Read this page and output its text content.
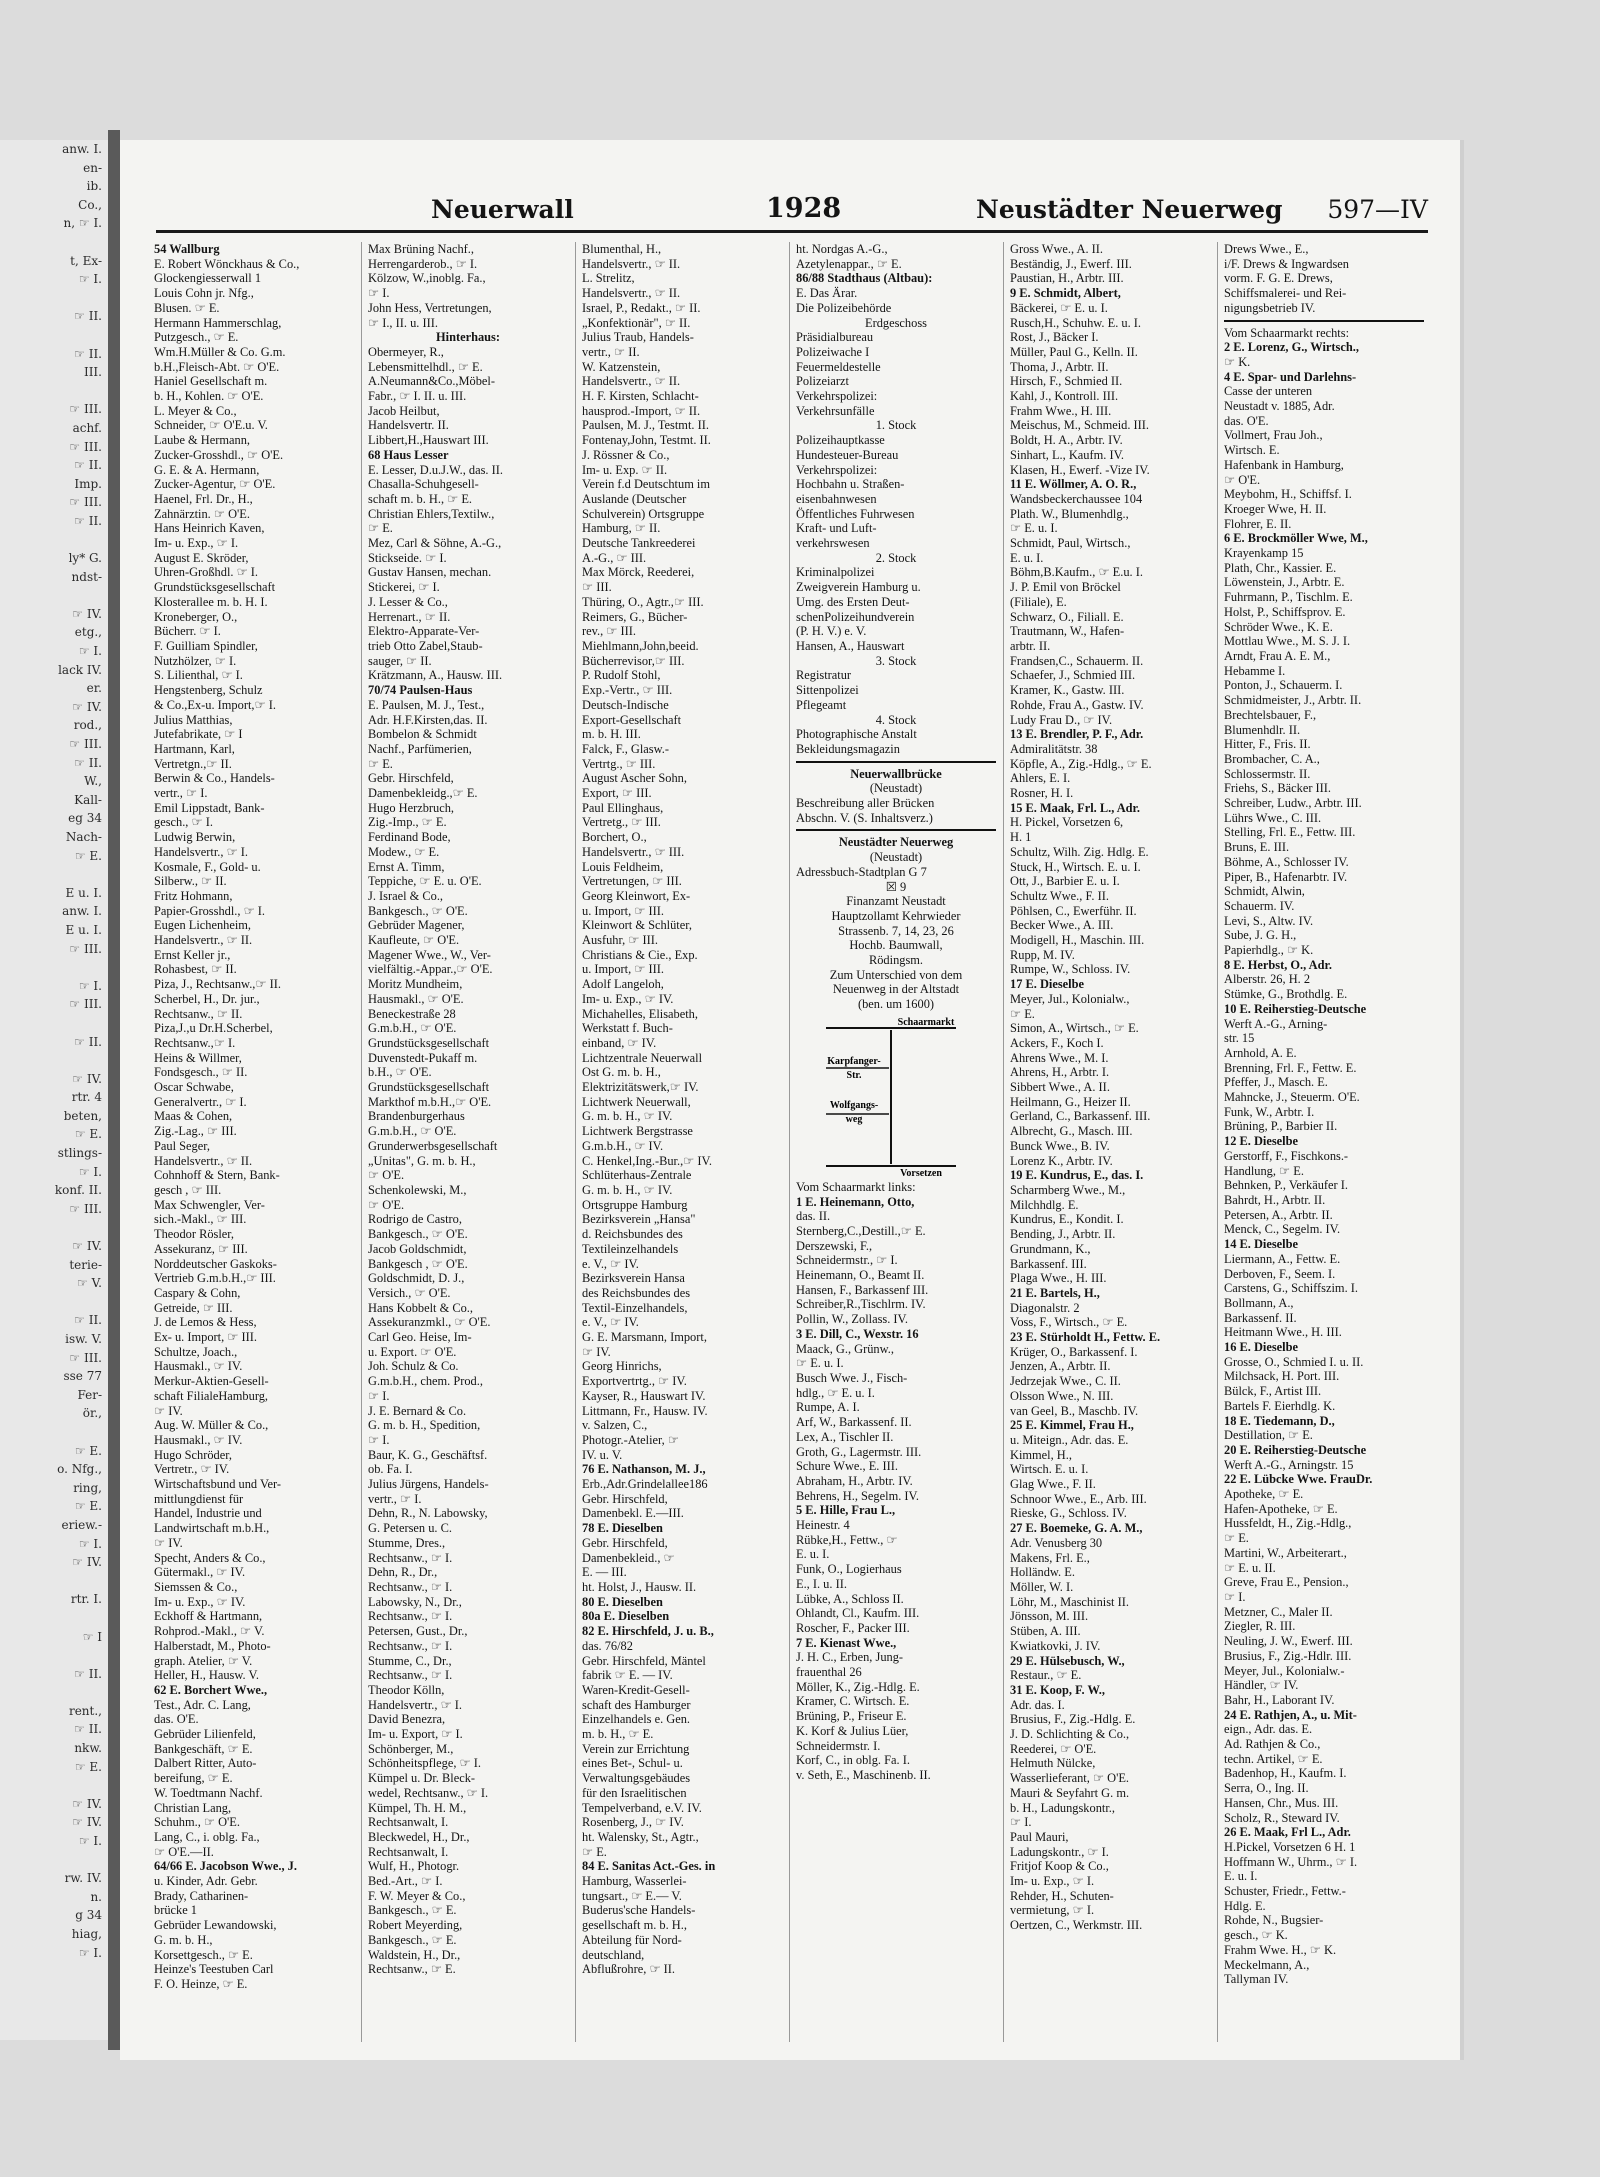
anw. I.
en-
ib.
Co.,
n, ☞ I.

t, Ex-
☞ I.

☞ II.

☞ II.
III.

☞ III.
achf.
☞ III.
☞ II.
Imp.
☞ III.
☞ II.

ly* G.
ndst-

☞ IV.
etg.,
☞ I.
lack IV.
er.
☞ IV.
rod.,
☞ III.
☞ II.
W.,
Kall-
eg 34
Nach-
☞ E.

E u. I.
anw. I.
E u. I.
☞ III.

☞ I.
☞ III.

☞ II.

☞ IV.
rtr. 4
beten,
☞ E.
stlings-
☞ I.
konf. II.
☞ III.

☞ IV.
terie-
☞ V.

☞ II.
isw. V.
☞ III.
sse 77
Fer-
ör.,

☞ E.
o. Nfg.,
ring,
☞ E.
eriew.-
☞ I.
☞ IV.

rtr. I.

☞ I

☞ II.

rent.,
☞ II.
nkw.
☞ E.

☞ IV.
☞ IV.
☞ I.

rw. IV.
n.
g 34
hiag,
☞ I.
Neuerwall	1928	Neustädter Neuerweg 597—IV
54 Wallburg
E. Robert Wönckhaus & Co.,
Glockengiesserwall 1
Louis Cohn jr. Nfg.,
Blusen. ☞ E.
Hermann Hammerschlag,
Putzgesch., ☞ E.
Wm.H.Müller & Co. G.m.
b.H.,Fleisch-Abt. ☞ O'E.
Haniel Gesellschaft m.
b. H., Kohlen. ☞ O'E.
L. Meyer & Co.,
Schneider, ☞ O'E.u. V.
Laube & Hermann,
Zucker-Grosshdl., ☞ O'E.
G. E. & A. Hermann,
Zucker-Agentur, ☞ O'E.
Haenel, Frl. Dr., H.,
Zahnärztin. ☞ O'E.
Hans Heinrich Kaven,
Im- u. Exp., ☞ I.
August E. Skröder,
Uhren-Großhdl. ☞ I.
Grundstücksgesellschaft
Klosterallee m. b. H. I.
Kroneberger, O.,
Bücherr. ☞ I.
F. Guilliam Spindler,
Nutzhölzer, ☞ I.
S. Lilienthal, ☞ I.
Hengstenberg, Schulz
& Co.,Ex-u. Import,☞ I.
Julius Matthias,
Jutefabrikate, ☞ I
Hartmann, Karl,
Vertretgn.,☞ II.
Berwin & Co., Handels-
vertr., ☞ I.
Emil Lippstadt, Bank-
gesch., ☞ I.
Ludwig Berwin,
Handelsvertr., ☞ I.
Kosmale, F., Gold- u.
Silberw., ☞ II.
Fritz Hohmann,
Papier-Grosshdl., ☞ I.
Eugen Lichenheim,
Handelsvertr., ☞ II.
Ernst Keller jr.,
Rohasbest, ☞ II.
Piza, J., Rechtsanw.,☞ II.
Scherbel, H., Dr. jur.,
Rechtsanw., ☞ II.
Piza,J.,u Dr.H.Scherbel,
Rechtsanw.,☞ I.
Heins & Willmer,
Fondsgesch., ☞ II.
Oscar Schwabe,
Generalvertr., ☞ I.
Maas & Cohen,
Zig.-Lag., ☞ III.
Paul Seger,
Handelsvertr., ☞ II.
Cohnhoff & Stern, Bank-
gesch , ☞ III.
Max Schwengler, Ver-
sich.-Makl., ☞ III.
Theodor Rösler,
Assekuranz, ☞ III.
Norddeutscher Gaskoks-
Vertrieb G.m.b.H.,☞ III.
Caspary & Cohn,
Getreide, ☞ III.
J. de Lemos & Hess,
Ex- u. Import, ☞ III.
Schultze, Joach.,
Hausmakl., ☞ IV.
Merkur-Aktien-Gesell-
schaft FilialeHamburg,
☞ IV.
Aug. W. Müller & Co.,
Hausmakl., ☞ IV.
Hugo Schröder,
Vertretr., ☞ IV.
Wirtschaftsbund und Ver-
mittlungdienst für
Handel, Industrie und
Landwirtschaft m.b.H.,
☞ IV.
Specht, Anders & Co.,
Gütermakl., ☞ IV.
Siemssen & Co.,
Im- u. Exp., ☞ IV.
Eckhoff & Hartmann,
Rohprod.-Makl., ☞ V.
Halberstadt, M., Photo-
graph. Atelier, ☞ V.
Heller, H., Hausw. V.
62 E. Borchert Wwe.,
Test., Adr. C. Lang,
das. O'E.
Gebrüder Lilienfeld,
Bankgeschäft, ☞ E.
Dalbert Ritter, Auto-
bereifung, ☞ E.
W. Toedtmann Nachf.
Christian Lang,
Schuhm., ☞ O'E.
Lang, C., i. oblg. Fa.,
☞ O'E.—II.
64/66 E. Jacobson Wwe., J.
u. Kinder, Adr. Gebr.
Brady, Catharinen-
brücke 1
Gebrüder Lewandowski,
G. m. b. H.,
Korsettgesch., ☞ E.
Heinze's Teestuben Carl
F. O. Heinze, ☞ E.
Max Brüning Nachf.,
Herrengarderob., ☞ I.
Kölzow, W.,inoblg. Fa.,
☞ I.
John Hess, Vertretungen,
☞ I., II. u. III.
Hinterhaus:
Obermeyer, R.,
Lebensmittelhdl., ☞ E.
A.Neumann&Co.,Möbel-
Fabr., ☞ I. II. u. III.
Jacob Heilbut,
Handelsvertr. II.
Libbert,H.,Hauswart III.
68 Haus Lesser
E. Lesser, D.u.J.W., das. II.
Chasalla-Schuhgesell-
schaft m. b. H., ☞ E.
Christian Ehlers,Textilw.,
☞ E.
Mez, Carl & Söhne, A.-G.,
Stickseide. ☞ I.
Gustav Hansen, mechan.
Stickerei, ☞ I.
J. Lesser & Co.,
Herrenart., ☞ II.
Elektro-Apparate-Ver-
trieb Otto Zabel,Staub-
sauger, ☞ II.
Krätzmann, A., Hausw. III.
70/74 Paulsen-Haus
E. Paulsen, M. J., Test.,
Adr. H.F.Kirsten,das. II.
Bombelon & Schmidt
Nachf., Parfümerien,
☞ E.
Gebr. Hirschfeld,
Damenbekleidg.,☞ E.
Hugo Herzbruch,
Zig.-Imp., ☞ E.
Ferdinand Bode,
Modew., ☞ E.
Ernst A. Timm,
Teppiche, ☞ E. u. O'E.
J. Israel & Co.,
Bankgesch., ☞ O'E.
Gebrüder Magener,
Kaufleute, ☞ O'E.
Magener Wwe., W., Ver-
vielfältig.-Appar.,☞ O'E.
Moritz Mundheim,
Hausmakl., ☞ O'E.
Beneckestraße 28
G.m.b.H., ☞ O'E.
Grundstücksgesellschaft
Duvenstedt-Pukaff m.
b.H., ☞ O'E.
Grundstücksgesellschaft
Markthof m.b.H.,☞ O'E.
Brandenburgerhaus
G.m.b.H., ☞ O'E.
Grunderwerbsgesellschaft
„Unitas", G. m. b. H.,
☞ O'E.
Schenkolewski, M.,
☞ O'E.
Rodrigo de Castro,
Bankgesch., ☞ O'E.
Jacob Goldschmidt,
Bankgesch , ☞ O'E.
Goldschmidt, D. J.,
Versich., ☞ O'E.
Hans Kobbelt & Co.,
Assekuranzmkl., ☞ O'E.
Carl Geo. Heise, Im-
u. Export. ☞ O'E.
Joh. Schulz & Co.
G.m.b.H., chem. Prod.,
☞ I.
J. E. Bernard & Co.
G. m. b. H., Spedition,
☞ I.
Baur, K. G., Geschäftsf.
ob. Fa. I.
Julius Jürgens, Handels-
vertr., ☞ I.
Dehn, R., N. Labowsky,
G. Petersen u. C.
Stumme, Dres.,
Rechtsanw., ☞ I.
Dehn, R., Dr.,
Rechtsanw., ☞ I.
Labowsky, N., Dr.,
Rechtsanw., ☞ I.
Petersen, Gust., Dr.,
Rechtsanw., ☞ I.
Stumme, C., Dr.,
Rechtsanw., ☞ I.
Theodor Kölln,
Handelsvertr., ☞ I.
David Benezra,
Im- u. Export, ☞ I.
Schönberger, M.,
Schönheitspflege, ☞ I.
Kümpel u. Dr. Bleck-
wedel, Rechtsanw., ☞ I.
Kümpel, Th. H. M.,
Rechtsanwalt, I.
Bleckwedel, H., Dr.,
Rechtsanwalt, I.
Wulf, H., Photogr.
Bed.-Art., ☞ I.
F. W. Meyer & Co.,
Bankgesch., ☞ E.
Robert Meyerding,
Bankgesch., ☞ E.
Waldstein, H., Dr.,
Rechtsanw., ☞ E.
Blumenthal, H.,
Handelsvertr., ☞ II.
L. Strelitz,
Handelsvertr., ☞ II.
Israel, P., Redakt., ☞ II.
„Konfektionär", ☞ II.
Julius Traub, Handels-
vertr., ☞ II.
W. Katzenstein,
Handelsvertr., ☞ II.
H. F. Kirsten, Schlacht-
hausprod.-Import, ☞ II.
Paulsen, M. J., Testmt. II.
Fontenay,John, Testmt. II.
J. Rössner & Co.,
Im- u. Exp. ☞ II.
Verein f.d Deutschtum im
Auslande (Deutscher
Schulverein) Ortsgruppe
Hamburg, ☞ II.
Deutsche Tankreederei
A.-G., ☞ III.
Max Mörck, Reederei,
☞ III.
Thüring, O., Agtr.,☞ III.
Reimers, G., Bücher-
rev., ☞ III.
Miehlmann,John,beeid.
Bücherrevisor,☞ III.
P. Rudolf Stohl,
Exp.-Vertr., ☞ III.
Deutsch-Indische
Export-Gesellschaft
m. b. H. III.
Falck, F., Glasw.-
Vertrtg., ☞ III.
August Ascher Sohn,
Export, ☞ III.
Paul Ellinghaus,
Vertretg., ☞ III.
Borchert, O.,
Handelsvertr., ☞ III.
Louis Feldheim,
Vertretungen, ☞ III.
Georg Kleinwort, Ex-
u. Import, ☞ III.
Kleinwort & Schlüter,
Ausfuhr, ☞ III.
Christians & Cie., Exp.
u. Import, ☞ III.
Adolf Langeloh,
Im- u. Exp., ☞ IV.
Michahelles, Elisabeth,
Werkstatt f. Buch-
einband, ☞ IV.
Lichtzentrale Neuerwall
Ost G. m. b. H.,
Elektrizitätswerk,☞ IV.
Lichtwerk Neuerwall,
G. m. b. H., ☞ IV.
Lichtwerk Bergstrasse
G.m.b.H., ☞ IV.
C. Henkel,Ing.-Bur.,☞ IV.
Schlüterhaus-Zentrale
G. m. b. H., ☞ IV.
Ortsgruppe Hamburg
Bezirksverein „Hansa"
d. Reichsbundes des
Textileinzelhandels
e. V., ☞ IV.
Bezirksverein Hansa
des Reichsbundes des
Textil-Einzelhandels,
e. V., ☞ IV.
G. E. Marsmann, Import,
☞ IV.
Georg Hinrichs,
Exportvertrtg., ☞ IV.
Kayser, R., Hauswart IV.
Littmann, Fr., Hausw. IV.
v. Salzen, C.,
Photogr.-Atelier, ☞
IV. u. V.
76 E. Nathanson, M. J.,
Erb.,Adr.Grindelallee186
Gebr. Hirschfeld,
Damenbekl. E.—III.
78 E. Dieselben
Gebr. Hirschfeld,
Damenbekleid., ☞
E. — III.
ht. Holst, J., Hausw. II.
80 E. Dieselben
80a E. Dieselben
82 E. Hirschfeld, J. u. B.,
das. 76/82
Gebr. Hirschfeld, Mäntel
fabrik ☞ E. — IV.
Waren-Kredit-Gesell-
schaft des Hamburger
Einzelhandels e. Gen.
m. b. H., ☞ E.
Verein zur Errichtung
eines Bet-, Schul- u.
Verwaltungsgebäudes
für den Israelitischen
Tempelverband, e.V. IV.
Rosenberg, J., ☞ IV.
ht. Walensky, St., Agtr.,
☞ E.
84 E. Sanitas Act.-Ges. in
Hamburg, Wasserlei-
tungsart., ☞ E.— V.
Buderus'sche Handels-
gesellschaft m. b. H.,
Abteilung für Nord-
deutschland,
Abflußrohre, ☞ II.
ht. Nordgas A.-G.,
Azetylenappar., ☞ E.
86/88 Stadthaus (Altbau):
E. Das Ärar.
Die Polizeibehörde
Erdgeschoss
Präsidialbureau
Polizeiwache I
Feuermeldestelle
Polizeiarzt
Verkehrspolizei:
Verkehrsunfälle
1. Stock
Polizeihauptkasse
Hundesteuer-Bureau
Verkehrspolizei:
Hochbahn u. Straßen-
eisenbahnwesen
Öffentliches Fuhrwesen
Kraft- und Luft-
verkehrswesen
2. Stock
Kriminalpolizei
Zweigverein Hamburg u.
Umg. des Ersten Deut-
schenPolizeihundverein
(P. H. V.) e. V.
Hansen, A., Hauswart
3. Stock
Registratur
Sittenpolizei
Pflegeamt
4. Stock
Photographische Anstalt
Bekleidungsmagazin
Neuerwallbrücke
(Neustadt)
Beschreibung aller Brücken
Abschn. V. (S. Inhaltsverz.)
Neustädter Neuerweg
(Neustadt)
Adressbuch-Stadtplan G 7
☒ 9
Finanzamt Neustadt
Hauptzollamt Kehrwieder
Strassenb. 7, 14, 23, 26
Hochb. Baumwall,
Rödingsm.
Zum Unterschied von dem
Neuenweg in der Altstadt
(ben. um 1600)
Schaarmarkt
Vorsetzen
Karpfanger-Str.
Wolfgangs-weg
Vom Schaarmarkt links:
1 E. Heinemann, Otto,
das. II.
Sternberg,C.,Destill.,☞ E.
Derszewski, F.,
Schneidermstr., ☞ I.
Heinemann, O., Beamt II.
Hansen, F., Barkassenf III.
Schreiber,R.,Tischlrm. IV.
Pollin, W., Zollass. IV.
3 E. Dill, C., Wexstr. 16
Maack, G., Grünw.,
☞ E. u. I.
Busch Wwe. J., Fisch-
hdlg., ☞ E. u. I.
Rumpe, A. I.
Arf, W., Barkassenf. II.
Lex, A., Tischler II.
Groth, G., Lagermstr. III.
Schure Wwe., E. III.
Abraham, H., Arbtr. IV.
Behrens, H., Segelm. IV.
5 E. Hille, Frau L.,
Heinestr. 4
Rübke,H., Fettw., ☞
E. u. I.
Funk, O., Logierhaus
E., I. u. II.
Lübke, A., Schloss II.
Ohlandt, Cl., Kaufm. III.
Roscher, F., Packer III.
7 E. Kienast Wwe.,
J. H. C., Erben, Jung-
frauenthal 26
Möller, K., Zig.-Hdlg. E.
Kramer, C. Wirtsch. E.
Brüning, P., Friseur E.
K. Korf & Julius Lüer,
Schneidermstr. I.
Korf, C., in oblg. Fa. I.
v. Seth, E., Maschinenb. II.
Gross Wwe., A. II.
Beständig, J., Ewerf. III.
Paustian, H., Arbtr. III.
9 E. Schmidt, Albert,
Bäckerei, ☞ E. u. I.
Rusch,H., Schuhw. E. u. I.
Rost, J., Bäcker I.
Müller, Paul G., Kelln. II.
Thoma, J., Arbtr. II.
Hirsch, F., Schmied II.
Kahl, J., Kontroll. III.
Frahm Wwe., H. III.
Meischus, M., Schmeid. III.
Boldt, H. A., Arbtr. IV.
Sinhart, L., Kaufm. IV.
Klasen, H., Ewerf. -Vize IV.
11 E. Wöllmer, A. O. R.,
Wandsbeckerchaussee 104
Plath. W., Blumenhdlg.,
☞ E. u. I.
Schmidt, Paul, Wirtsch.,
E. u. I.
Böhm,B.Kaufm., ☞ E.u. I.
J. P. Emil von Bröckel
(Filiale), E.
Schwarz, O., Filiall. E.
Trautmann, W., Hafen-
arbtr. II.
Frandsen,C., Schauerm. II.
Schaefer, J., Schmied III.
Kramer, K., Gastw. III.
Rohde, Frau A., Gastw. IV.
Ludy Frau D., ☞ IV.
13 E. Brendler, P. F., Adr.
Admiralitätstr. 38
Köpfle, A., Zig.-Hdlg., ☞ E.
Ahlers, E. I.
Rosner, H. I.
15 E. Maak, Frl. L., Adr.
H. Pickel, Vorsetzen 6,
H. 1
Schultz, Wilh. Zig. Hdlg. E.
Stuck, H., Wirtsch. E. u. I.
Ott, J., Barbier E. u. I.
Schultz Wwe., F. II.
Pöhlsen, C., Ewerführ. II.
Becker Wwe., A. III.
Modigell, H., Maschin. III.
Rupp, M. IV.
Rumpe, W., Schloss. IV.
17 E. Dieselbe
Meyer, Jul., Kolonialw.,
☞ E.
Simon, A., Wirtsch., ☞ E.
Ackers, F., Koch I.
Ahrens Wwe., M. I.
Ahrens, H., Arbtr. I.
Sibbert Wwe., A. II.
Heilmann, G., Heizer II.
Gerland, C., Barkassenf. III.
Albrecht, G., Masch. III.
Bunck Wwe., B. IV.
Lorenz K., Arbtr. IV.
19 E. Kundrus, E., das. I.
Scharmberg Wwe., M.,
Milchhdlg. E.
Kundrus, E., Kondit. I.
Bending, J., Arbtr. II.
Grundmann, K.,
Barkassenf. III.
Plaga Wwe., H. III.
21 E. Bartels, H.,
Diagonalstr. 2
Voss, F., Wirtsch., ☞ E.
23 E. Stürholdt H., Fettw. E.
Krüger, O., Barkassenf. I.
Jenzen, A., Arbtr. II.
Jedrzejak Wwe., C. II.
Olsson Wwe., N. III.
van Geel, B., Maschb. IV.
25 E. Kimmel, Frau H.,
u. Miteign., Adr. das. E.
Kimmel, H.,
Wirtsch. E. u. I.
Glag Wwe., F. II.
Schnoor Wwe., E., Arb. III.
Rieske, G., Schloss. IV.
27 E. Boemeke, G. A. M.,
Adr. Venusberg 30
Makens, Frl. E.,
Holländw. E.
Möller, W. I.
Löhr, M., Maschinist II.
Jönsson, M. III.
Stüben, A. III.
Kwiatkovki, J. IV.
29 E. Hülsebusch, W.,
Restaur., ☞ E.
31 E. Koop, F. W.,
Adr. das. I.
Brusius, F., Zig.-Hdlg. E.
J. D. Schlichting & Co.,
Reederei, ☞ O'E.
Helmuth Nülcke,
Wasserlieferant, ☞ O'E.
Mauri & Seyfahrt G. m.
b. H., Ladungskontr.,
☞ I.
Paul Mauri,
Ladungskontr., ☞ I.
Fritjof Koop & Co.,
Im- u. Exp., ☞ I.
Rehder, H., Schuten-
vermietung, ☞ I.
Oertzen, C., Werkmstr. III.
Drews Wwe., E.,
i/F. Drews & Ingwardsen
vorm. F. G. E. Drews,
Schiffsmalerei- und Rei-
nigungsbetrieb IV.
Vom Schaarmarkt rechts:
2 E. Lorenz, G., Wirtsch.,
☞ K.
4 E. Spar- und Darlehns-
Casse der unteren
Neustadt v. 1885, Adr.
das. O'E.
Vollmert, Frau Joh.,
Wirtsch. E.
Hafenbank in Hamburg,
☞ O'E.
Meybohm, H., Schiffsf. I.
Kroeger Wwe, H. II.
Flohrer, E. II.
6 E. Brockmöller Wwe, M.,
Krayenkamp 15
Plath, Chr., Kassier. E.
Löwenstein, J., Arbtr. E.
Fuhrmann, P., Tischlm. E.
Holst, P., Schiffsprov. E.
Schröder Wwe., K. E.
Mottlau Wwe., M. S. J. I.
Arndt, Frau A. E. M.,
Hebamme I.
Ponton, J., Schauerm. I.
Schmidmeister, J., Arbtr. II.
Brechtelsbauer, F.,
Blumenhdlr. II.
Hitter, F., Fris. II.
Brombacher, C. A.,
Schlossermstr. II.
Friehs, S., Bäcker III.
Schreiber, Ludw., Arbtr. III.
Lührs Wwe., C. III.
Stelling, Frl. E., Fettw. III.
Bruns, E. III.
Böhme, A., Schlosser IV.
Piper, B., Hafenarbtr. IV.
Schmidt, Alwin,
Schauerm. IV.
Levi, S., Altw. IV.
Sube, J. G. H.,
Papierhdlg., ☞ K.
8 E. Herbst, O., Adr.
Alberstr. 26, H. 2
Stümke, G., Brothdlg. E.
10 E. Reiherstieg-Deutsche
Werft A.-G., Arning-
str. 15
Arnhold, A. E.
Brenning, Frl. F., Fettw. E.
Pfeffer, J., Masch. E.
Mahncke, J., Steuerm. O'E.
Funk, W., Arbtr. I.
Brüning, P., Barbier II.
12 E. Dieselbe
Gerstorff, F., Fischkons.-
Handlung, ☞ E.
Behnken, P., Verkäufer I.
Bahrdt, H., Arbtr. II.
Petersen, A., Arbtr. II.
Menck, C., Segelm. IV.
14 E. Dieselbe
Liermann, A., Fettw. E.
Derboven, F., Seem. I.
Carstens, G., Schiffszim. I.
Bollmann, A.,
Barkassenf. II.
Heitmann Wwe., H. III.
16 E. Dieselbe
Grosse, O., Schmied I. u. II.
Milchsack, H. Port. III.
Bülck, F., Artist III.
Bartels F. Eierhdlg. K.
18 E. Tiedemann, D.,
Destillation, ☞ E.
20 E. Reiherstieg-Deutsche
Werft A.-G., Arningstr. 15
22 E. Lübcke Wwe. FrauDr.
Apotheke, ☞ E.
Hafen-Apotheke, ☞ E.
Hussfeldt, H., Zig.-Hdlg.,
☞ E.
Martini, W., Arbeiterart.,
☞ E. u. II.
Greve, Frau E., Pension.,
☞ I.
Metzner, C., Maler II.
Ziegler, R. III.
Neuling, J. W., Ewerf. III.
Brusius, F., Zig.-Hdlr. III.
Meyer, Jul., Kolonialw.-
Händler, ☞ IV.
Bahr, H., Laborant IV.
24 E. Rathjen, A., u. Mit-
eign., Adr. das. E.
Ad. Rathjen & Co.,
techn. Artikel, ☞ E.
Badenhop, H., Kaufm. I.
Serra, O., Ing. II.
Hansen, Chr., Mus. III.
Scholz, R., Steward IV.
26 E. Maak, Frl L., Adr.
H.Pickel, Vorsetzen 6 H. 1
Hoffmann W., Uhrm., ☞ I.
E. u. I.
Schuster, Friedr., Fettw.-
Hdlg. E.
Rohde, N., Bugsier-
gesch., ☞ K.
Frahm Wwe. H., ☞ K.
Meckelmann, A.,
Tallyman IV.
